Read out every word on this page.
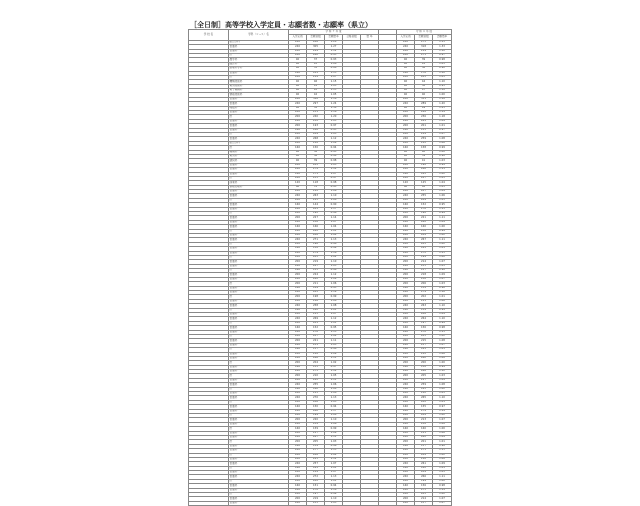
［全日制］高等学校入学定員・志願者数・志願率（県立）
学 校 名	学科（コース）名	令 和 ７ 年 度						令 和 ６ 年 度		
		入学定員	志願者数	志願倍率	合格者数	倍 率		入学定員	志願者数	志願倍率
	総合学科	240	288	1.20				240	275	1.15
	普通科	240	305	1.27				240	318	1.33
	普通科	200	224	1.12				200	219	1.10
	計	280	260	0.93				280	271	0.97
	農学科	40	37	0.93				40	39	0.98
	園芸科	40	43	1.08				40	41	1.03
	環境科学科	40	35	0.88				40	36	0.90
	普通科	160	181	1.13				160	176	1.10
	計	200	214	1.07				200	205	1.03
	機械技術科	40	46	1.15				40	44	1.10
	電気技術科	40	41	1.03				40	38	0.95
	電子機械科	40	45	1.13				40	47	1.18
	情報技術科	40	42	1.05				40	40	1.00
	普通科	280	326	1.16				280	331	1.18
	普通科	240	297	1.24				240	289	1.20
	理数科	40	52	1.30				40	49	1.23
	普通科	200	231	1.16				200	228	1.14
	計	200	240	1.20				200	236	1.18
	普通科	240	252	1.05				240	261	1.09
	普通科	200	193	0.97				200	201	1.01
	普通科	160	148	0.93				160	155	0.97
	計	200	209	1.05				200	214	1.07
	普通科	240	268	1.12				240	259	1.08
	総合学科	200	218	1.09				200	212	1.06
	計	160	150	0.94				160	158	0.99
	機械科	40	38	0.95				40	40	1.00
	電気科	40	36	0.90				40	39	0.98
	建設科	40	39	0.98				40	41	1.03
	普通科	200	205	1.03				200	198	0.99
	普通科	240	274	1.14				240	266	1.11
	普通科	160	171	1.07				160	163	1.02
	計	240	233	0.97				240	247	1.03
	商業科	120	118	0.98				120	125	1.04
	情報処理科	80	76	0.95				80	82	1.03
	普通科	200	212	1.06				200	207	1.04
	普通科	240	263	1.10				240	255	1.06
	計	200	215	1.08				200	209	1.05
	普通科	160	144	0.90				160	152	0.95
	普通科	240	281	1.17				240	276	1.15
	計	200	192	0.96				200	198	0.99
	普通科	200	227	1.14				200	221	1.11
	普通科	240	256	1.07				240	262	1.09
	普通科	160	166	1.04				160	160	1.00
	計	240	242	1.01				240	238	0.99
	普通科	200	208	1.04				200	204	1.02
	普通科	240	271	1.13				240	267	1.11
	計	200	196	0.98				200	203	1.02
	普通科	160	158	0.99				160	161	1.01
	普通科	240	279	1.16				240	272	1.13
	計	200	203	1.02				200	199	1.00
	普通科	200	219	1.10				200	214	1.07
	普通科	240	247	1.03				240	253	1.05
	計	160	153	0.96				160	157	0.98
	普通科	200	224	1.12				200	218	1.09
	普通科	240	262	1.09				240	256	1.07
	計	200	211	1.06				200	206	1.03
	普通科	160	149	0.93				160	154	0.96
	普通科	240	285	1.19				240	279	1.16
	計	200	198	0.99				200	202	1.01
	普通科	200	216	1.08				200	211	1.06
	普通科	240	258	1.08				240	263	1.10
	計	160	162	1.01				160	159	0.99
	普通科	200	213	1.07				200	208	1.04
	普通科	240	269	1.12				240	264	1.10
	計	200	201	1.01				200	197	0.99
	普通科	160	152	0.95				160	156	0.98
	普通科	240	276	1.15				240	270	1.13
	計	200	207	1.04				200	203	1.02
	普通科	200	221	1.11				200	215	1.08
	普通科	240	251	1.05				240	257	1.07
	計	160	157	0.98				160	161	1.01
	普通科	200	218	1.09				200	212	1.06
	普通科	240	266	1.11				240	260	1.08
	計	200	204	1.02				200	200	1.00
	普通科	160	155	0.97				160	158	0.99
	普通科	240	273	1.14				240	268	1.12
	計	200	210	1.05				200	205	1.03
	普通科	200	222	1.11				200	217	1.09
	普通科	240	255	1.06				240	259	1.08
	計	160	160	1.00				160	163	1.02
	普通科	200	215	1.08				200	210	1.05
	普通科	240	270	1.13				240	265	1.10
	計	200	206	1.03				200	202	1.01
	普通科	160	150	0.94				160	155	0.97
	普通科	240	280	1.17				240	274	1.14
	計	200	199	1.00				200	204	1.02
	普通科	200	220	1.10				200	213	1.07
	普通科	240	254	1.06				240	258	1.08
	計	160	159	0.99				160	160	1.00
	普通科	200	217	1.09				200	211	1.06
	普通科	240	267	1.11				240	262	1.09
	計	200	205	1.03				200	201	1.01
	普通科	160	154	0.96				160	157	0.98
	普通科	240	277	1.15				240	271	1.13
	計	200	208	1.04				200	204	1.02
	普通科	200	223	1.12				200	216	1.08
	普通科	240	257	1.07				240	261	1.09
	計	160	161	1.01				160	162	1.01
	普通科	200	214	1.07				200	209	1.05
	普通科	240	272	1.13				240	266	1.11
	計	200	202	1.01				200	199	1.00
	普通科	160	151	0.94				160	156	0.98
	普通科	240	278	1.16				240	273	1.14
	計	200	197	0.99				200	203	1.02
	普通科	200	219	1.10				200	214	1.07
	普通科	240	253	1.05				240	257	1.07
